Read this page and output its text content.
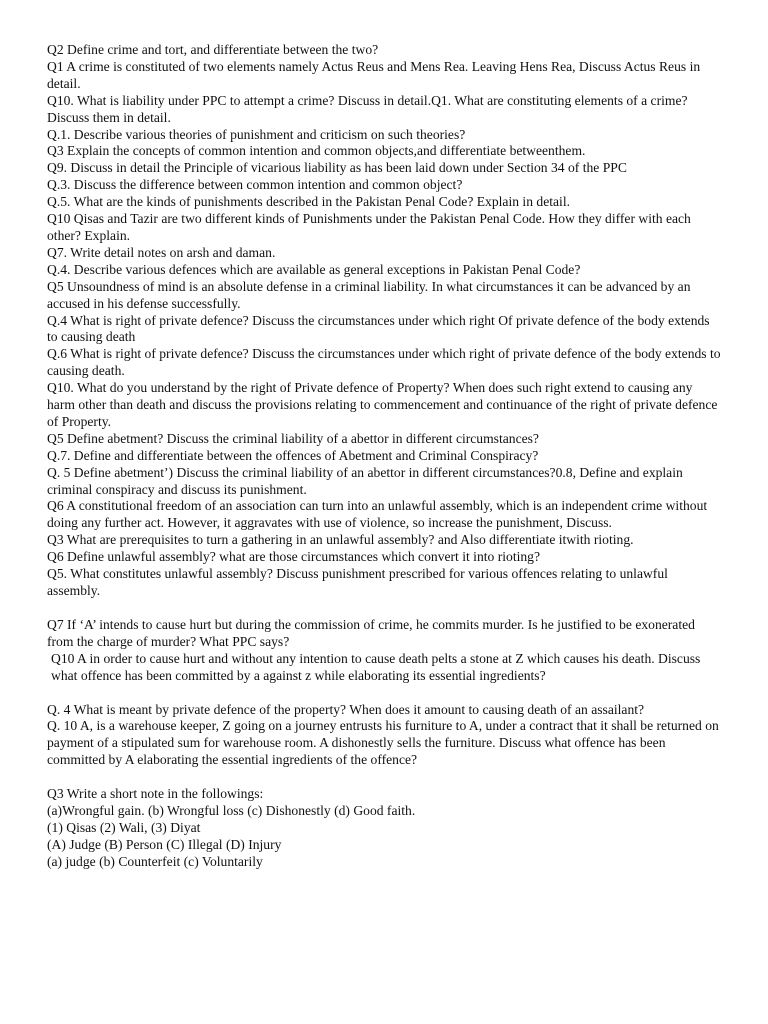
Q2 Define crime and tort, and differentiate between the two?

Q1 A crime is constituted of two elements namely Actus Reus and Mens Rea. Leaving Hens Rea, Discuss Actus Reus in detail.

Q10. What is liability under PPC to attempt a crime? Discuss in detail.Q1. What are constituting elements of a crime? Discuss them in detail.

Q.1. Describe various theories of punishment and criticism on such theories?

Q3 Explain the concepts of common intention and common objects,and differentiate betweenthem.

Q9. Discuss in detail the Principle of vicarious liability as has been laid down under Section 34 of the PPC

Q.3. Discuss the difference between common intention and common object?

Q.5. What are the kinds of punishments described in the Pakistan Penal Code? Explain in detail.

Q10 Qisas and Tazir are two different kinds of Punishments under the Pakistan Penal Code. How they differ with each other? Explain.

Q7. Write detail notes on arsh and daman.

Q.4. Describe various defences which are available as general exceptions in Pakistan Penal Code?

Q5 Unsoundness of mind is an absolute defense in a criminal liability. In what circumstances it can be advanced by an accused in his defense successfully.

Q.4 What is right of private defence? Discuss the circumstances under which right Of private defence of the body extends to causing death

Q.6 What is right of private defence? Discuss the circumstances under which right of private defence of the body extends to causing death.

Q10. What do you understand by the right of Private defence of Property? When does such right extend to causing any harm other than death and discuss the provisions relating to commencement and continuance of the right of private defence of Property.

Q5 Define abetment? Discuss the criminal liability of a abettor in different circumstances?

Q.7. Define and differentiate between the offences of Abetment and Criminal Conspiracy?

Q. 5 Define abetment’) Discuss the criminal liability of an abettor in different circumstances?0.8, Define and explain criminal conspiracy and discuss its punishment.

Q6 A constitutional freedom of an association can turn into an unlawful assembly, which is an independent crime without doing any further act. However, it aggravates with use of violence, so increase the punishment, Discuss.

Q3 What are prerequisites to turn a gathering in an unlawful assembly? and Also differentiate itwith rioting.

Q6 Define unlawful assembly? what are those circumstances which convert it into rioting?

Q5. What constitutes unlawful assembly? Discuss punishment prescribed for various offences relating to unlawful assembly.

Q7 If ‘A’ intends to cause hurt but during the commission of crime, he commits murder. Is he justified to be exonerated from the charge of murder? What PPC says?

Q10 A in order to cause hurt and without any intention to cause death pelts a stone at Z which causes his death. Discuss what offence has been committed by a against z while elaborating its essential ingredients?

Q. 4 What is meant by private defence of the property? When does it amount to causing death of an assailant?

Q. 10 A, is a warehouse keeper, Z going on a journey entrusts his furniture to A, under a contract that it shall be returned on payment of a stipulated sum for warehouse room. A dishonestly sells the furniture. Discuss what offence has been committed by A elaborating the essential ingredients of the offence?

Q3 Write a short note in the followings:

(a)Wrongful gain. (b) Wrongful loss (c) Dishonestly (d) Good faith.

(1) Qisas (2) Wali, (3) Diyat

(A) Judge (B) Person (C) Illegal (D) Injury

(a) judge (b) Counterfeit (c) Voluntarily
